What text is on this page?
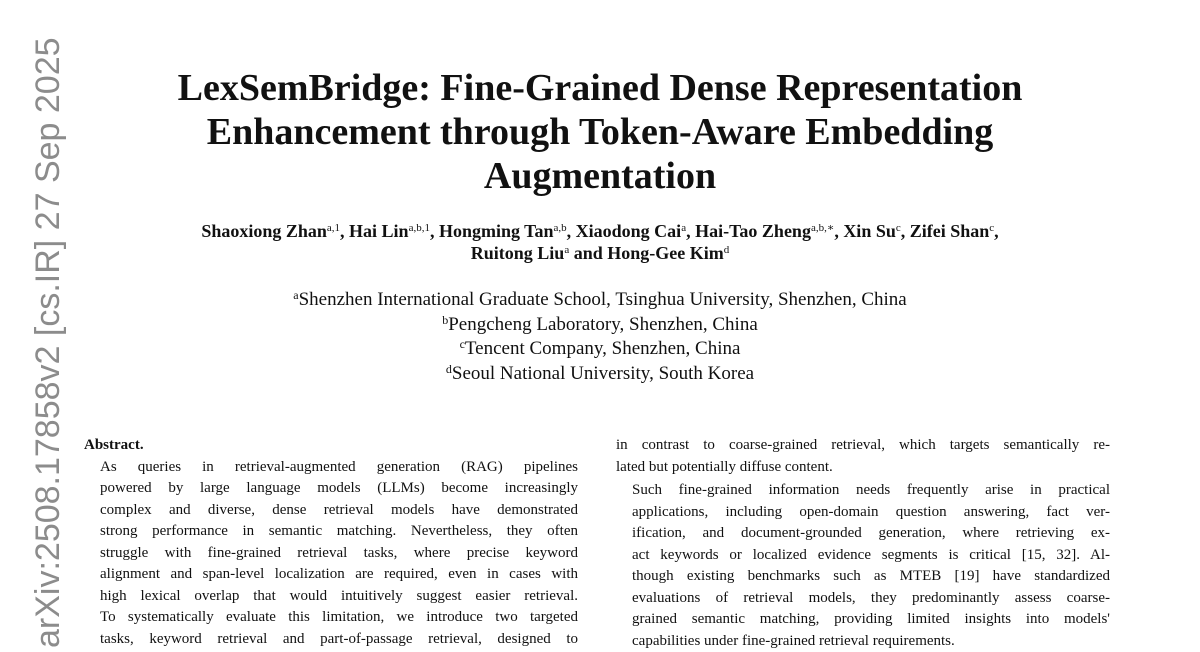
arXiv:2508.17858v2 [cs.IR] 27 Sep 2025	LexSemBridge: Fine-Grained Dense Representation
Enhancement through Token-Aware Embedding
Augmentation
Shaoxiong Zhan$^{a,1}$, Hai Lin$^{a,b,1}$, Hongming Tan$^{a,b}$, Xiaodong Cai$^a$, Hai-Tao Zheng$^{a,b,∗}$, Xin Su$^c$, Zifei Shan$^c$,
Ruitong Liu$^a$ and Hong-Gee Kim$^d$
$^a$Shenzhen International Graduate School, Tsinghua University, Shenzhen, China
$^b$Pengcheng Laboratory, Shenzhen, China
$^c$Tencent Company, Shenzhen, China
$^d$Seoul National University, South Korea
Abstract.

As queries in retrieval-augmented generation (RAG) pipelines
powered by large language models (LLMs) become increasingly
complex and diverse, dense retrieval models have demonstrated
strong performance in semantic matching. Nevertheless, they often
struggle with fine-grained retrieval tasks, where precise keyword
alignment and span-level localization are required, even in cases with
high lexical overlap that would intuitively suggest easier retrieval.
To systematically evaluate this limitation, we introduce two targeted
tasks, keyword retrieval and part-of-passage retrieval, designed to

in contrast to coarse-grained retrieval, which targets semantically re-
lated but potentially diffuse content.

Such fine-grained information needs frequently arise in practical
applications, including open-domain question answering, fact ver-
ification, and document-grounded generation, where retrieving ex-
act keywords or localized evidence segments is critical [15, 32]. Al-
though existing benchmarks such as MTEB [19] have standardized
evaluations of retrieval models, they predominantly assess coarse-
grained semantic matching, providing limited insights into models'
capabilities under fine-grained retrieval requirements.
